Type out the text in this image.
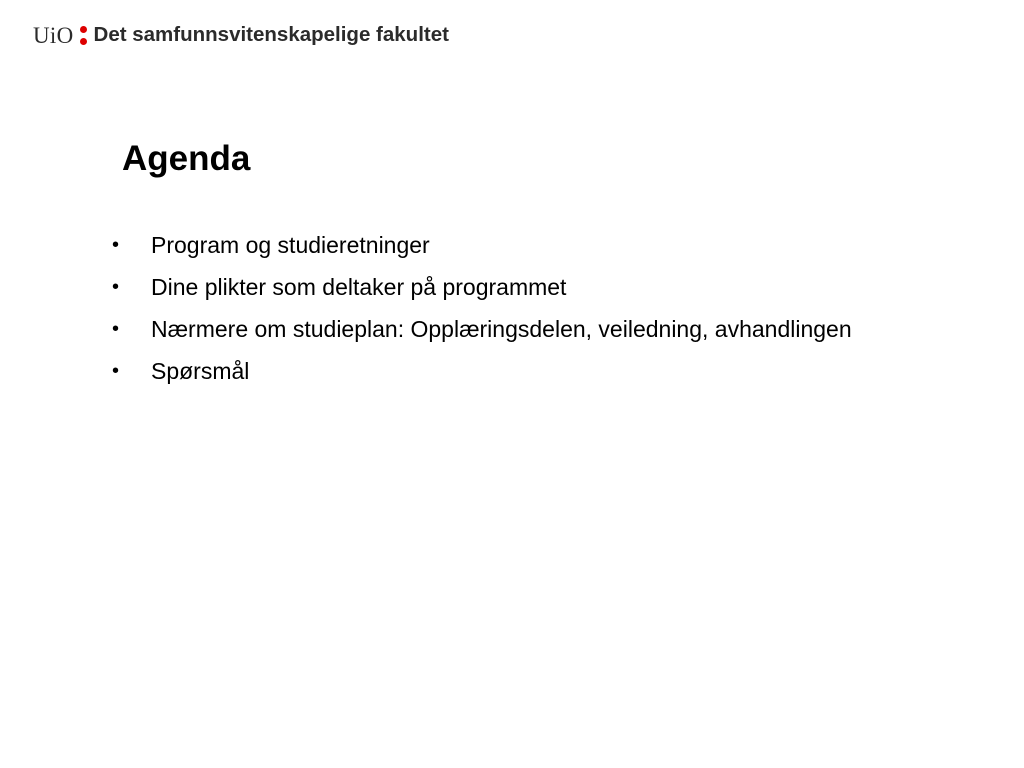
UiO Det samfunnsvitenskapelige fakultet
Agenda
•	Program og studieretninger
•	Dine plikter som deltaker på programmet
•	Nærmere om studieplan: Opplæringsdelen, veiledning, avhandlingen
•	Spørsmål
